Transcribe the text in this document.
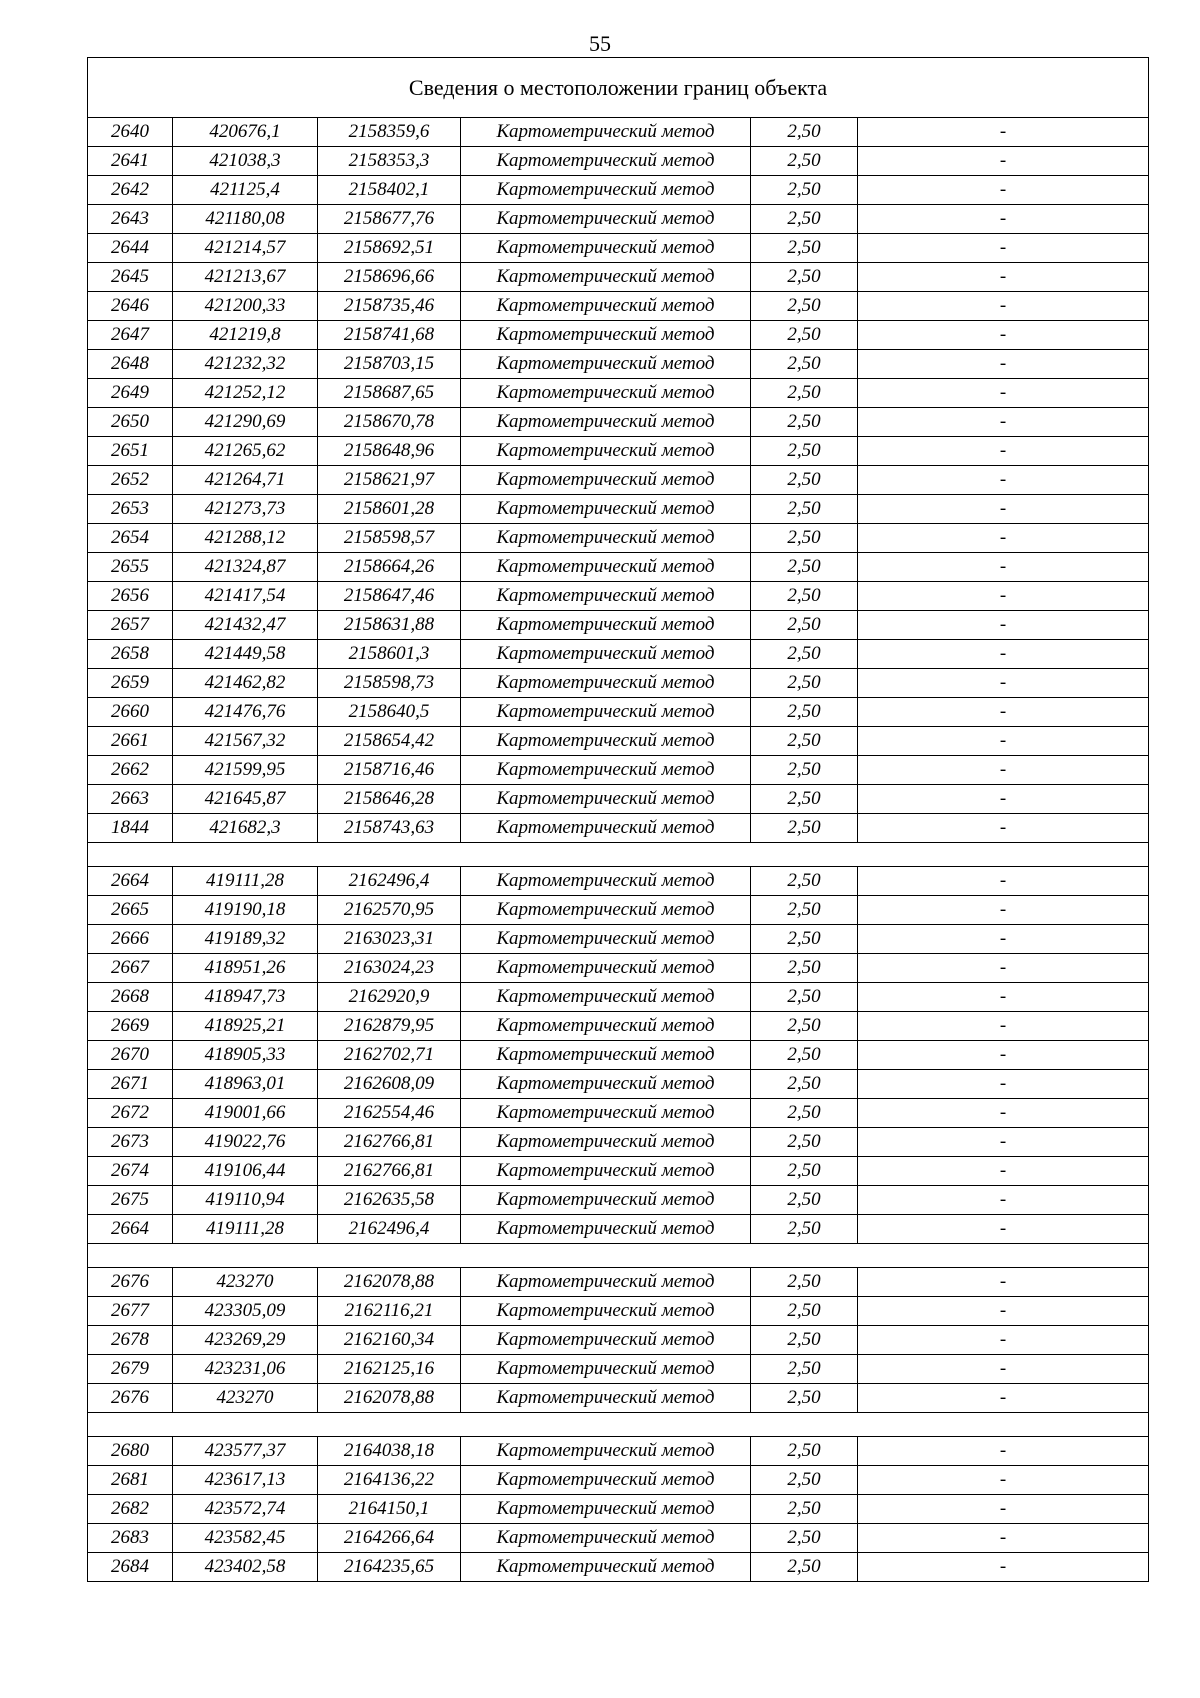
55
Сведения о местоположении границ объекта					
2640	420676,1	2158359,6	Картометрический метод	2,50	-
2641	421038,3	2158353,3	Картометрический метод	2,50	-
2642	421125,4	2158402,1	Картометрический метод	2,50	-
2643	421180,08	2158677,76	Картометрический метод	2,50	-
2644	421214,57	2158692,51	Картометрический метод	2,50	-
2645	421213,67	2158696,66	Картометрический метод	2,50	-
2646	421200,33	2158735,46	Картометрический метод	2,50	-
2647	421219,8	2158741,68	Картометрический метод	2,50	-
2648	421232,32	2158703,15	Картометрический метод	2,50	-
2649	421252,12	2158687,65	Картометрический метод	2,50	-
2650	421290,69	2158670,78	Картометрический метод	2,50	-
2651	421265,62	2158648,96	Картометрический метод	2,50	-
2652	421264,71	2158621,97	Картометрический метод	2,50	-
2653	421273,73	2158601,28	Картометрический метод	2,50	-
2654	421288,12	2158598,57	Картометрический метод	2,50	-
2655	421324,87	2158664,26	Картометрический метод	2,50	-
2656	421417,54	2158647,46	Картометрический метод	2,50	-
2657	421432,47	2158631,88	Картометрический метод	2,50	-
2658	421449,58	2158601,3	Картометрический метод	2,50	-
2659	421462,82	2158598,73	Картометрический метод	2,50	-
2660	421476,76	2158640,5	Картометрический метод	2,50	-
2661	421567,32	2158654,42	Картометрический метод	2,50	-
2662	421599,95	2158716,46	Картометрический метод	2,50	-
2663	421645,87	2158646,28	Картометрический метод	2,50	-
1844	421682,3	2158743,63	Картометрический метод	2,50	-

2664	419111,28	2162496,4	Картометрический метод	2,50	-
2665	419190,18	2162570,95	Картометрический метод	2,50	-
2666	419189,32	2163023,31	Картометрический метод	2,50	-
2667	418951,26	2163024,23	Картометрический метод	2,50	-
2668	418947,73	2162920,9	Картометрический метод	2,50	-
2669	418925,21	2162879,95	Картометрический метод	2,50	-
2670	418905,33	2162702,71	Картометрический метод	2,50	-
2671	418963,01	2162608,09	Картометрический метод	2,50	-
2672	419001,66	2162554,46	Картометрический метод	2,50	-
2673	419022,76	2162766,81	Картометрический метод	2,50	-
2674	419106,44	2162766,81	Картометрический метод	2,50	-
2675	419110,94	2162635,58	Картометрический метод	2,50	-
2664	419111,28	2162496,4	Картометрический метод	2,50	-

2676	423270	2162078,88	Картометрический метод	2,50	-
2677	423305,09	2162116,21	Картометрический метод	2,50	-
2678	423269,29	2162160,34	Картометрический метод	2,50	-
2679	423231,06	2162125,16	Картометрический метод	2,50	-
2676	423270	2162078,88	Картометрический метод	2,50	-

2680	423577,37	2164038,18	Картометрический метод	2,50	-
2681	423617,13	2164136,22	Картометрический метод	2,50	-
2682	423572,74	2164150,1	Картометрический метод	2,50	-
2683	423582,45	2164266,64	Картометрический метод	2,50	-
2684	423402,58	2164235,65	Картометрический метод	2,50	-
